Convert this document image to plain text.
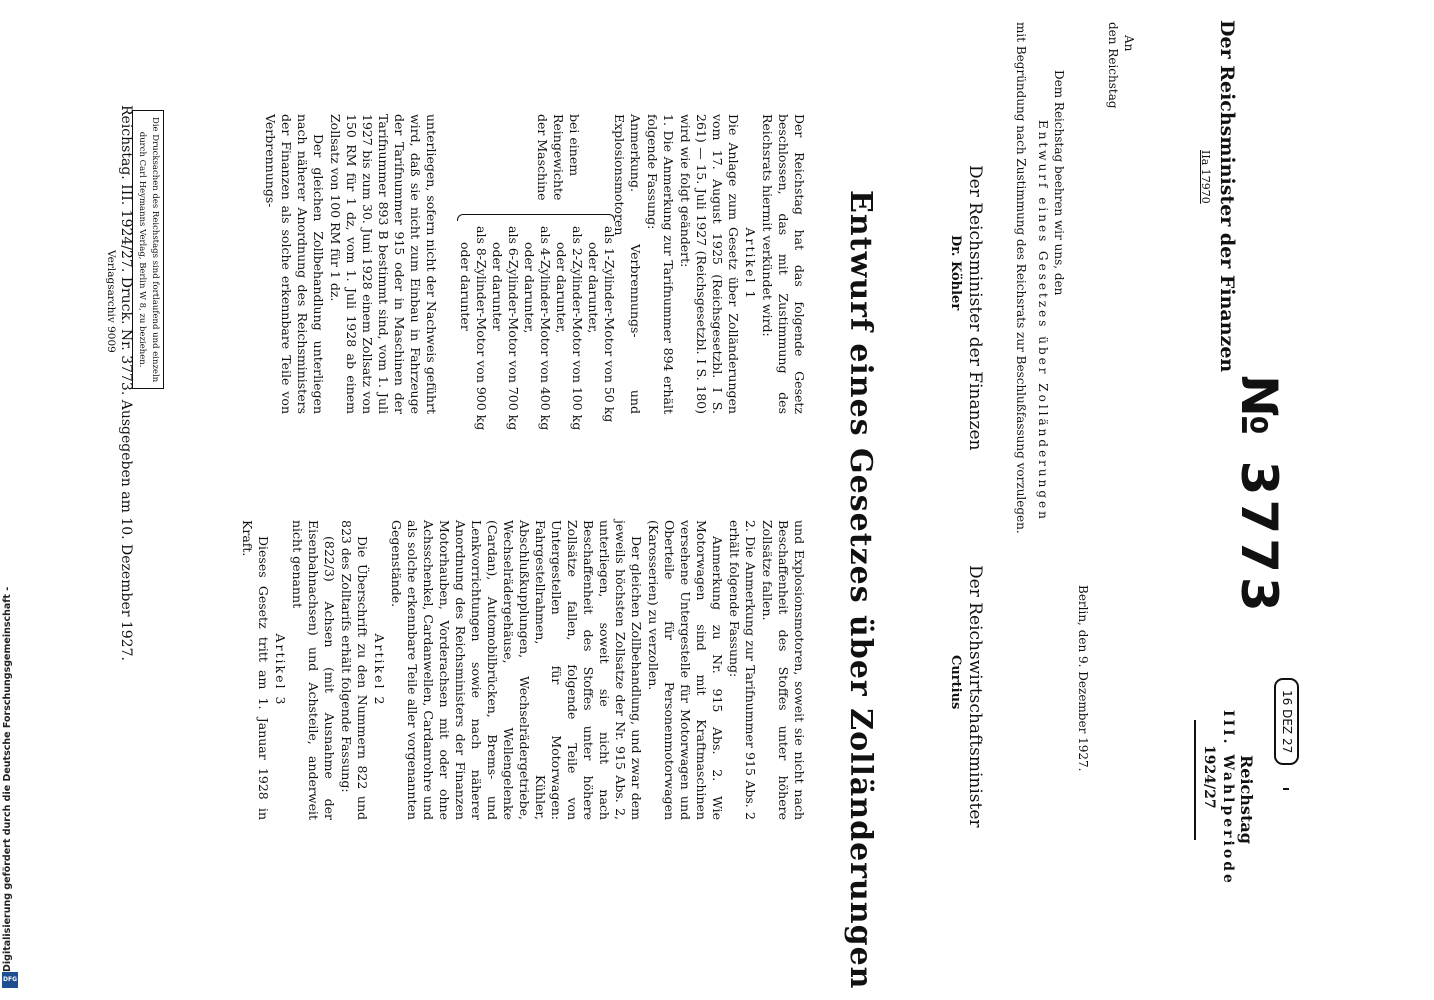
№ 3773
16 DEZ 27
Reichstag
III. Wahlperiode
1924/27
Der Reichsminister der Finanzen
IIa 17970
Berlin, den 9. Dezember 1927.
An
den Reichstag
Dem Reichstag beehren wir uns, den
Entwurf eines Gesetzes über Zolländerungen
mit Begründung nach Zustimmung des Reichsrats zur Beschlußfassung vorzulegen.
Der Reichsminister der Finanzen
Dr. Köhler
Der Reichswirtschaftsminister
Curtius
Entwurf eines Gesetzes über Zolländerungen

Der Reichstag hat das folgende Gesetz beschlossen, das mit Zustimmung des Reichsrats hiermit verkündet wird:

Artikel 1

Die Anlage zum Gesetz über Zolländerungen vom 17. August 1925 (Reichsgesetzbl. I S. 261) — 15. Juli 1927 (Reichsgesetzbl. I S. 180) wird wie folgt geändert:

1. Die Anmerkung zur Tarifnummer 894 erhält folgende Fassung:

Anmerkung. Verbrennungs- und Explosionsmotoren

bei einem Reingewichte der Maschine
als 1-Zylinder-Motor von 50 kg
oder darunter,
als 2-Zylinder-Motor von 100 kg
oder darunter,
als 4-Zylinder-Motor von 400 kg
oder darunter,
als 6-Zylinder-Motor von 700 kg
oder darunter
als 8-Zylinder-Motor von 900 kg
oder darunter

unterliegen, sofern nicht der Nachweis geführt wird, daß sie nicht zum Einbau in Fahrzeuge der Tarifnummer 915 oder in Maschinen der Tarifnummer 893 B bestimmt sind, vom 1. Juli 1927 bis zum 30. Juni 1928 einem Zollsatz von 150 RM für 1 dz, vom 1. Juli 1928 ab einem Zollsatz von 100 RM für 1 dz.

Der gleichen Zollbehandlung unterliegen nach näherer Anordnung des Reichsministers der Finanzen als solche erkennbare Teile von Verbrennungs-

und Explosionsmotoren, soweit sie nicht nach Beschaffenheit des Stoffes unter höhere Zollsätze fallen.

2. Die Anmerkung zur Tarifnummer 915 Abs. 2 erhält folgende Fassung:

Anmerkung zu Nr. 915 Abs. 2. Wie Motorwagen sind mit Kraftmaschinen versehene Untergestelle für Motorwagen und Oberteile für Personenmotorwagen (Karosserien) zu verzollen.

Der gleichen Zollbehandlung, und zwar dem jeweils höchsten Zollsatze der Nr. 915 Abs. 2, unterliegen, soweit sie nicht nach Beschaffenheit des Stoffes unter höhere Zollsätze fallen, folgende Teile von Untergestellen für Motorwagen: Fahrgestellrahmen, Kühler, Abschlußkupplungen, Wechselrädergetriebe, Wechselrädergehäuse, Wellengelenke (Cardan), Automobilbrücken, Brems- und Lenkvorrichtungen sowie nach näherer Anordnung des Reichsministers der Finanzen Motorhauben, Vorderachsen mit oder ohne Achsschenkel, Cardanwellen, Cardanrohre und als solche erkennbare Teile aller vorgenannten Gegenstände.

Artikel 2

Die Überschrift zu den Nummern 822 und 823 des Zolltarifs erhält folgende Fassung:

(822/3) Achsen (mit Ausnahme der Eisenbahnachsen) und Achsteile, anderweit nicht genannt

Artikel 3

Dieses Gesetz tritt am 1. Januar 1928 in Kraft.

Die Drucksachen des Reichstags sind fortlaufend und einzeln
durch Carl Heymanns Verlag, Berlin W 8, zu beziehen.
Reichstag. III. 1924/27. Druck. Nr. 3773. Ausgegeben am 10. Dezember 1927.
Verlagsarchiv 9009
Digitalisierung gefördert durch die Deutsche Forschungsgemeinschaft -
DFG
